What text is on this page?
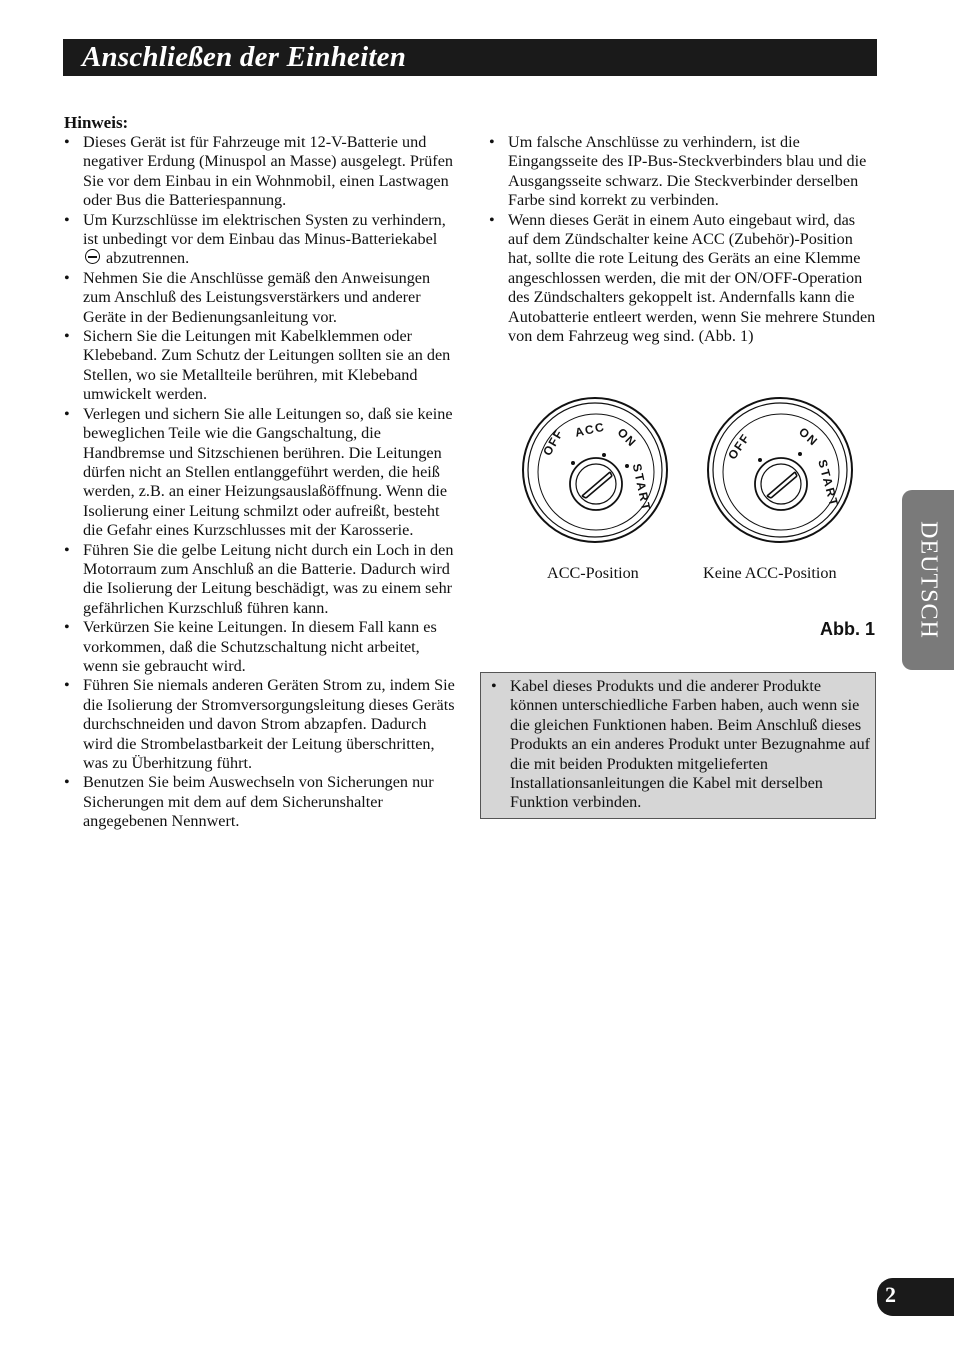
Anschließen der Einheiten
Hinweis:
• Dieses Gerät ist für Fahrzeuge mit 12-V-Batterie und negativer Erdung (Minuspol an Masse) ausgelegt. Prüfen Sie vor dem Einbau in ein Wohnmobil, einen Lastwagen oder Bus die Batteriespannung.
• Um Kurzschlüsse im elektrischen Systen zu verhindern, ist unbedingt vor dem Einbau das Minus-Batteriekabel  abzutrennen.
• Nehmen Sie die Anschlüsse gemäß den Anweisungen zum Anschluß des Leistungsverstärkers und anderer Geräte in der Bedienungsanleitung vor.
• Sichern Sie die Leitungen mit Kabelklemmen oder Klebeband. Zum Schutz der Leitungen sollten sie an den Stellen, wo sie Metallteile berühren, mit Klebeband umwickelt werden.
• Verlegen und sichern Sie alle Leitungen so, daß sie keine beweglichen Teile wie die Gangschaltung, die Handbremse und Sitzschienen berühren. Die Leitungen dürfen nicht an Stellen entlanggeführt werden, die heiß werden, z.B. an einer Heizungsauslaßöffnung. Wenn die Isolierung einer Leitung schmilzt oder aufreißt, besteht die Gefahr eines Kurzschlusses mit der Karosserie.
• Führen Sie die gelbe Leitung nicht durch ein Loch in den Motorraum zum Anschluß an die Batterie. Dadurch wird die Isolierung der Leitung beschädigt, was zu einem sehr gefährlichen Kurzschluß führen kann.
• Verkürzen Sie keine Leitungen. In diesem Fall kann es vorkommen, daß die Schutzschaltung nicht arbeitet, wenn sie gebraucht wird.
• Führen Sie niemals anderen Geräten Strom zu, indem Sie die Isolierung der Stromversorgungsleitung dieses Geräts durchschneiden und davon Strom abzapfen. Dadurch wird die Strombelastbarkeit der Leitung überschritten, was zu Überhitzung führt.
• Benutzen Sie beim Auswechseln von Sicherungen nur Sicherungen mit dem auf dem Sicherunshalter angegebenen Nennwert.
• Um falsche Anschlüsse zu verhindern, ist die Eingangsseite des IP-Bus-Steckverbinders blau und die Ausgangsseite schwarz. Die Steckverbinder derselben Farbe sind korrekt zu verbinden.
• Wenn dieses Gerät in einem Auto eingebaut wird, das auf dem Zündschalter keine ACC (Zubehör)-Position hat, sollte die rote Leitung des Geräts an eine Klemme angeschlossen werden, die mit der ON/OFF-Operation des Zündschalters gekoppelt ist. Andernfalls kann die Autobatterie entleert werden, wenn Sie mehrere Stunden von dem Fahrzeug weg sind. (Abb. 1)
OFF ACC ON
START
OFF	ON
START
ACC-Position	Keine ACC-Position
Abb. 1
• Kabel dieses Produkts und die anderer Produkte können unterschiedliche Farben haben, auch wenn sie die gleichen Funktionen haben. Beim Anschluß dieses Produkts an ein anderes Produkt unter Bezugnahme auf die mit beiden Produkten mitgelieferten Installationsanleitungen die Kabel mit derselben Funktion verbinden.
DEUTSCH
2
